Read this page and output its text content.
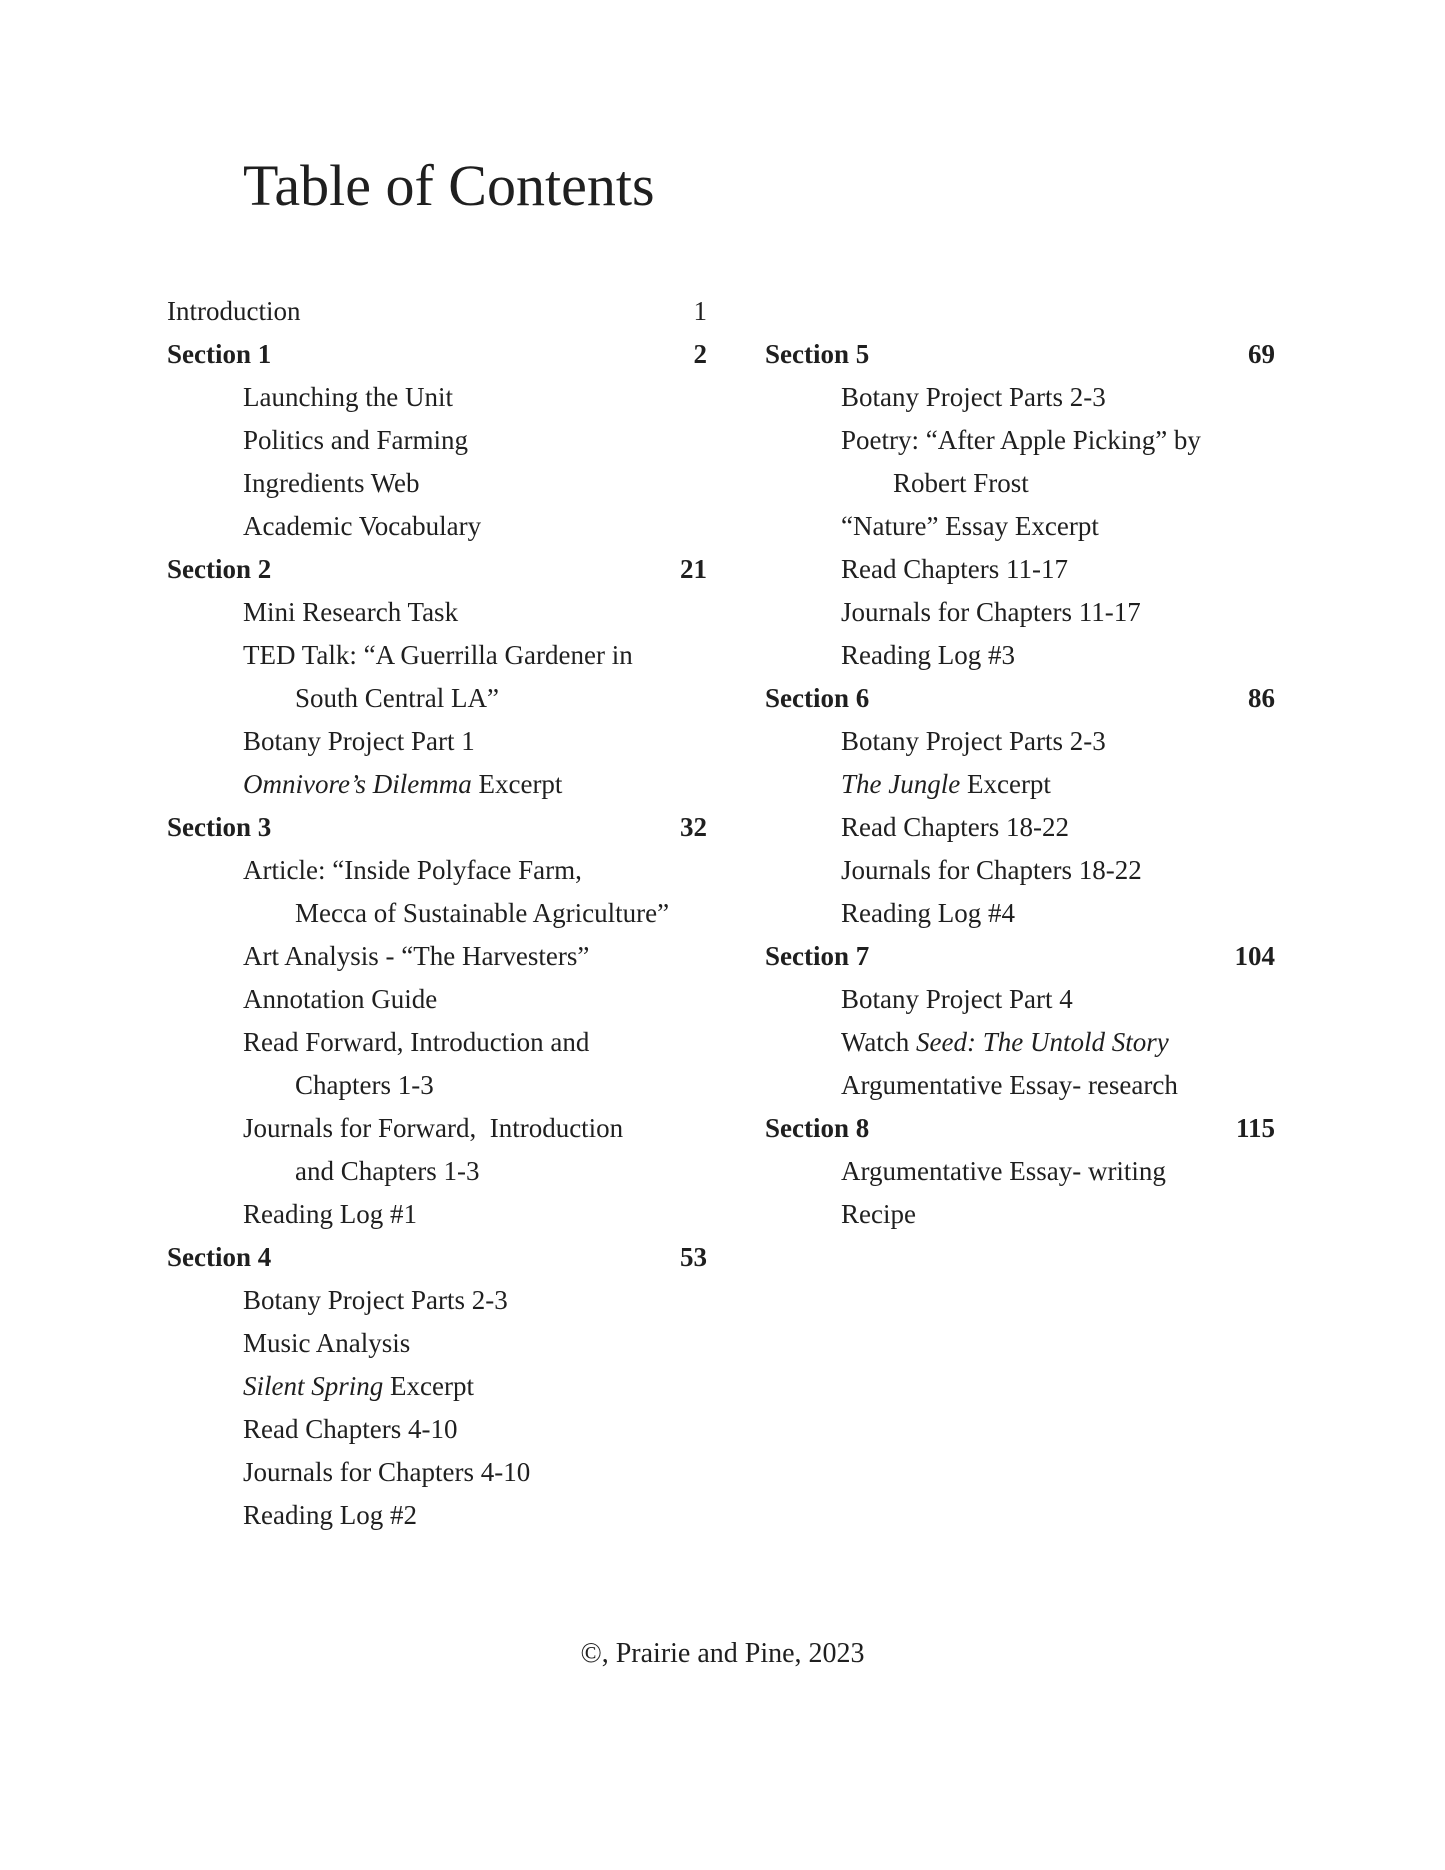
Table of Contents
Introduction	1
Section 1	2
Launching the Unit
Politics and Farming
Ingredients Web
Academic Vocabulary
Section 2	21
Mini Research Task
TED Talk: “A Guerrilla Gardener in
South Central LA”
Botany Project Part 1
Omnivore’s Dilemma Excerpt
Section 3	32
Article: “Inside Polyface Farm,
Mecca of Sustainable Agriculture”
Art Analysis - “The Harvesters”
Annotation Guide
Read Forward, Introduction and
Chapters 1-3
Journals for Forward,  Introduction
and Chapters 1-3
Reading Log #1
Section 4	53
Botany Project Parts 2-3
Music Analysis
Silent Spring Excerpt
Read Chapters 4-10
Journals for Chapters 4-10
Reading Log #2
Section 5	69
Botany Project Parts 2-3
Poetry: “After Apple Picking” by
Robert Frost
“Nature” Essay Excerpt
Read Chapters 11-17
Journals for Chapters 11-17
Reading Log #3
Section 6	86
Botany Project Parts 2-3
The Jungle Excerpt
Read Chapters 18-22
Journals for Chapters 18-22
Reading Log #4
Section 7	104
Botany Project Part 4
Watch Seed: The Untold Story
Argumentative Essay- research
Section 8	115
Argumentative Essay- writing
Recipe
©, Prairie and Pine, 2023
